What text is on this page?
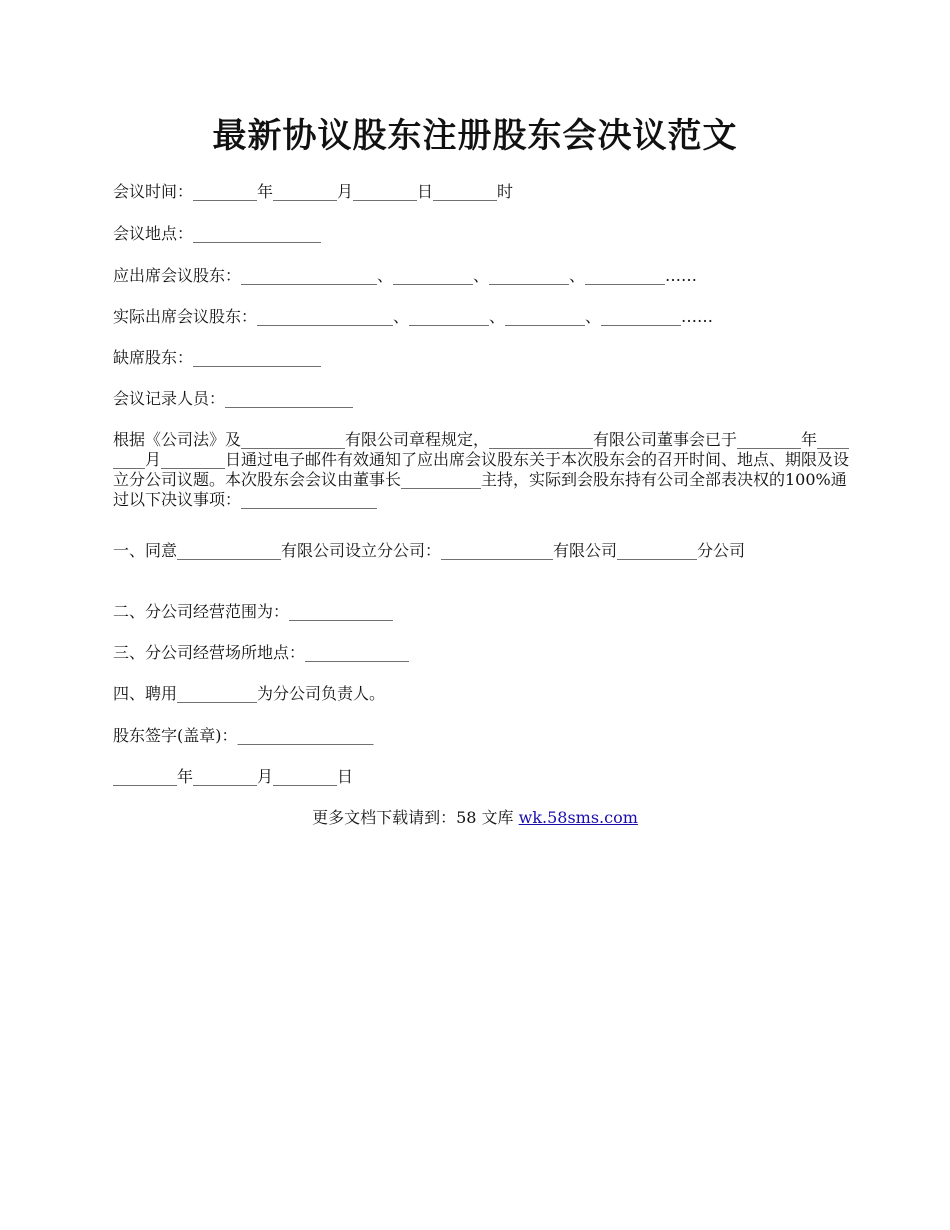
最新协议股东注册股东会决议范文
会议时间：________年________月________日________时
会议地点：________________
应出席会议股东：_________________、__________、__________、__________……
实际出席会议股东：_________________、__________、__________、__________……
缺席股东：________________
会议记录人员：________________
根据《公司法》及_____________有限公司章程规定，_____________有限公司董事会已于________年________月________日通过电子邮件有效通知了应出席会议股东关于本次股东会的召开时间、地点、期限及设立分公司议题。本次股东会会议由董事长__________主持，实际到会股东持有公司全部表决权的100%通过以下决议事项：_________________
一、同意_____________有限公司设立分公司：______________有限公司__________分公司
二、分公司经营范围为：_____________
三、分公司经营场所地点：_____________
四、聘用__________为分公司负责人。
股东签字(盖章)：_________________
________年________月________日
更多文档下载请到：58 文库 wk.58sms.com
